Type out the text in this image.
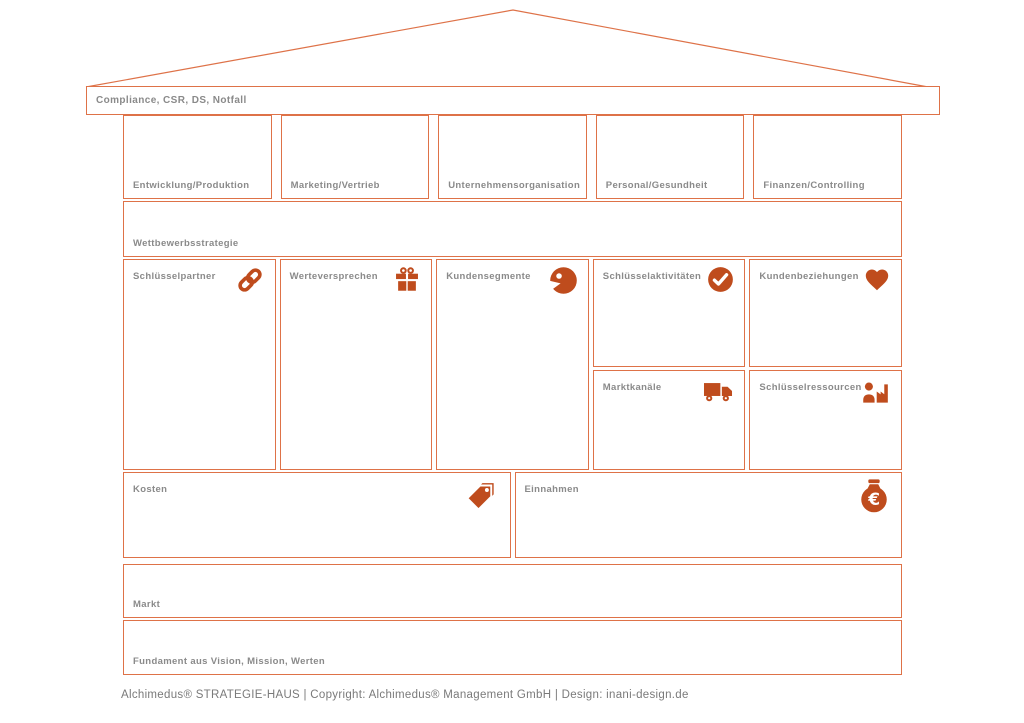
Compliance, CSR, DS, Notfall
Entwicklung/Produktion	Marketing/Vertrieb	Unternehmensorganisation	Personal/Gesundheit	Finanzen/Controlling
Wettbewerbsstrategie
Schlüsselpartner	Schlüsselaktivitäten
Werteversprechen	Kundenbeziehungen
Kundensegmente
Schlüsselressourcen
Marktkanäle
Kosten	Einnahmen
€
Markt
Fundament aus Vision, Mission, Werten
Alchimedus® STRATEGIE-HAUS | Copyright: Alchimedus® Management GmbH | Design: inani-design.de
